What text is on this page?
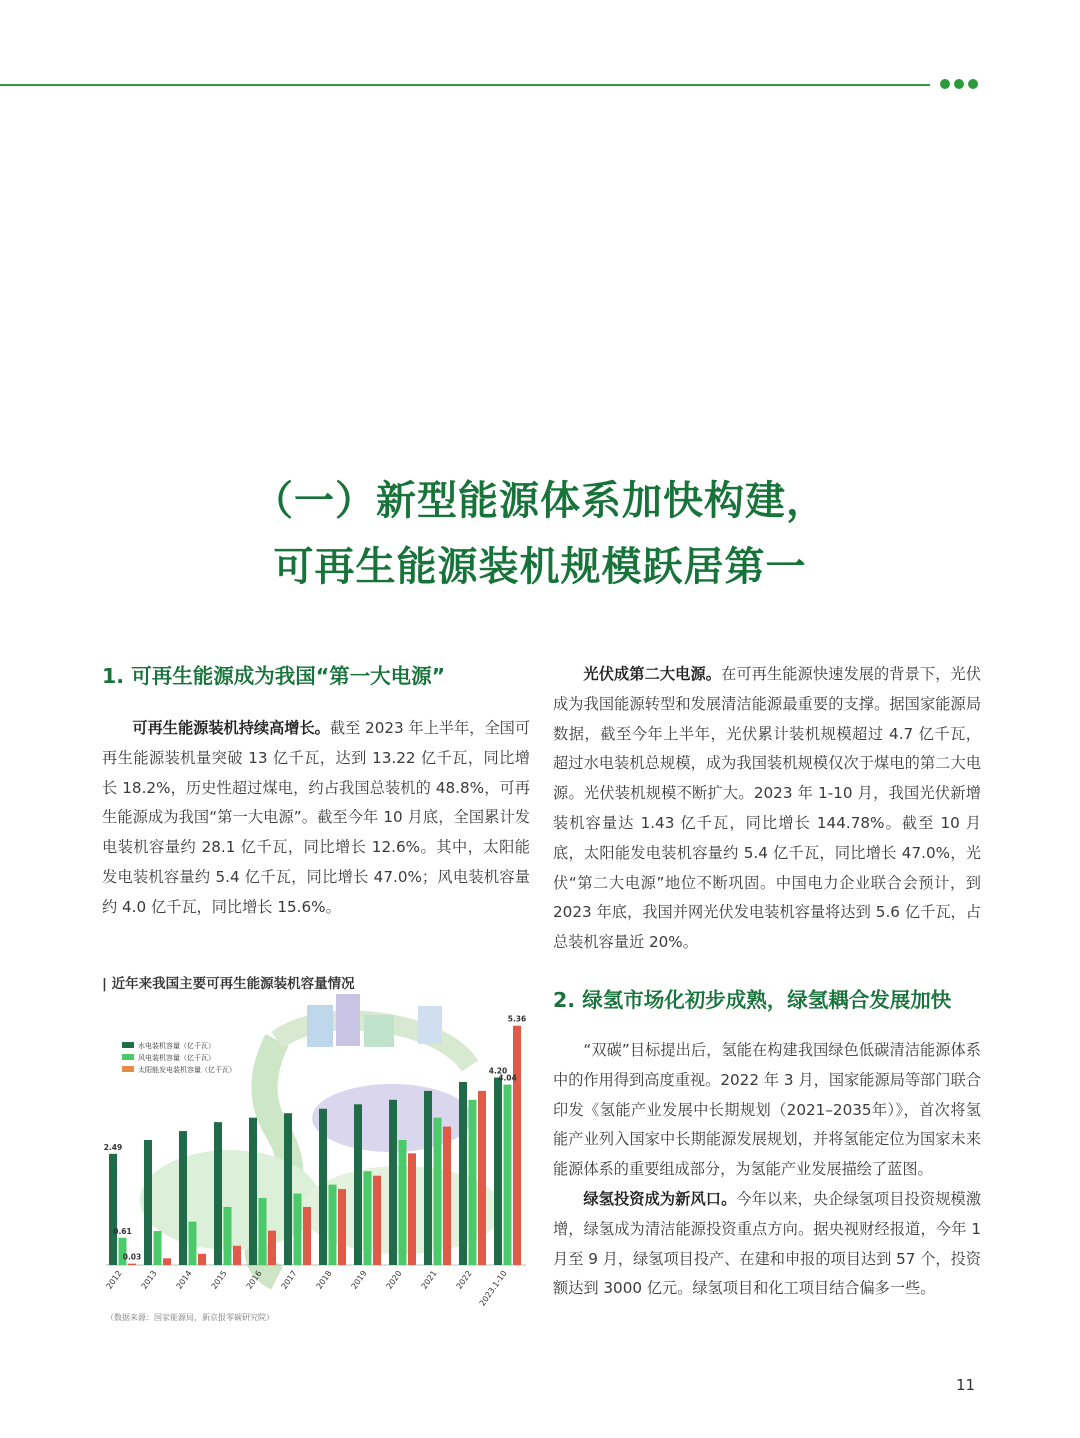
（一）新型能源体系加快构建，
可再生能源装机规模跃居第一

1. 可再生能源成为我国“第一大电源”

可再生能源装机持续高增长。截至 2023 年上半年，全国可再生能源装机量突破 13 亿千瓦，达到 13.22 亿千瓦，同比增长 18.2%，历史性超过煤电，约占我国总装机的 48.8%，可再生能源成为我国“第一大电源”。截至今年 10 月底，全国累计发电装机容量约 28.1 亿千瓦，同比增长 12.6%。其中，太阳能发电装机容量约 5.4 亿千瓦，同比增长 47.0%；风电装机容量约 4.0 亿千瓦，同比增长 15.6%。

| 近年来我国主要可再生能源装机容量情况
水电装机容量（亿千瓦）
风电装机容量（亿千瓦）
太阳能发电装机容量（亿千瓦）
2012 2013 2014 2015 2016 2017 2018 2019 2020 2021 2022 2023.1-10
2.49
0.61
0.03
4.20
4.04
5.36
（数据来源：国家能源局，新京报零碳研究院）

光伏成第二大电源。在可再生能源快速发展的背景下，光伏成为我国能源转型和发展清洁能源最重要的支撑。据国家能源局数据，截至今年上半年，光伏累计装机规模超过 4.7 亿千瓦，超过水电装机总规模，成为我国装机规模仅次于煤电的第二大电源。光伏装机规模不断扩大。2023 年 1-10 月，我国光伏新增装机容量达 1.43 亿千瓦，同比增长 144.78%。截至 10 月底，太阳能发电装机容量约 5.4 亿千瓦，同比增长 47.0%，光伏“第二大电源”地位不断巩固。中国电力企业联合会预计，到 2023 年底，我国并网光伏发电装机容量将达到 5.6 亿千瓦，占总装机容量近 20%。

2. 绿氢市场化初步成熟，绿氢耦合发展加快

“双碳”目标提出后，氢能在构建我国绿色低碳清洁能源体系中的作用得到高度重视。2022 年 3 月，国家能源局等部门联合印发《氢能产业发展中长期规划（2021–2035年）》，首次将氢能产业列入国家中长期能源发展规划，并将氢能定位为国家未来能源体系的重要组成部分，为氢能产业发展描绘了蓝图。

绿氢投资成为新风口。今年以来，央企绿氢项目投资规模激增，绿氢成为清洁能源投资重点方向。据央视财经报道，今年 1 月至 9 月，绿氢项目投产、在建和申报的项目达到 57 个，投资额达到 3000 亿元。绿氢项目和化工项目结合偏多一些。

11
